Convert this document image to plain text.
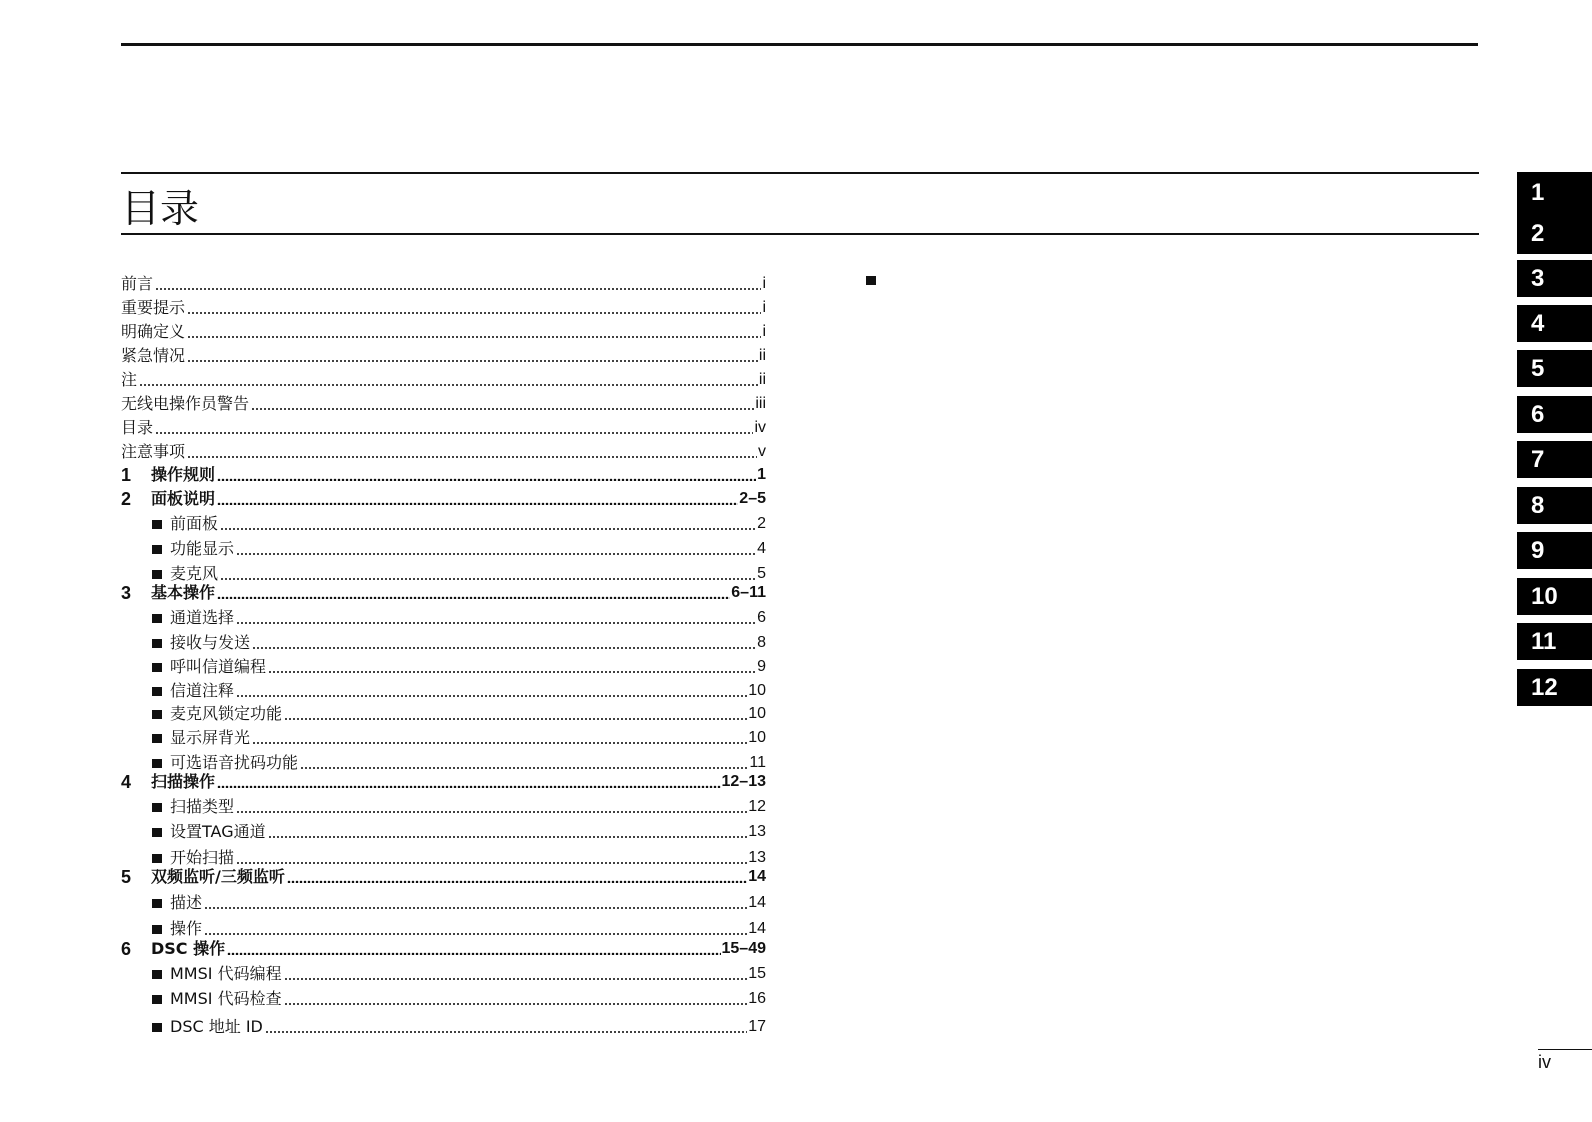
目录
前言	i
重要提示	i
明确定义	i
紧急情况	ii
注	ii
无线电操作员警告	iii
目录	iv
注意事项	v
1	操作规则	1
2	面板说明	2–5
前面板	2
功能显示	4
麦克风	5
3	基本操作	6–11
通道选择	6
接收与发送	8
呼叫信道编程	9
信道注释	10
麦克风锁定功能	10
显示屏背光	10
可选语音扰码功能	11
4	扫描操作	12–13
扫描类型	12
设置TAG通道	13
开始扫描	13
5	双频监听/三频监听	14
描述	14
操作	14
6	DSC 操作	15–49
MMSI 代码编程	15
MMSI 代码检查	16
DSC 地址 ID	17
1
2
3
4
5
6
7
8
9
10
11
12
iv
